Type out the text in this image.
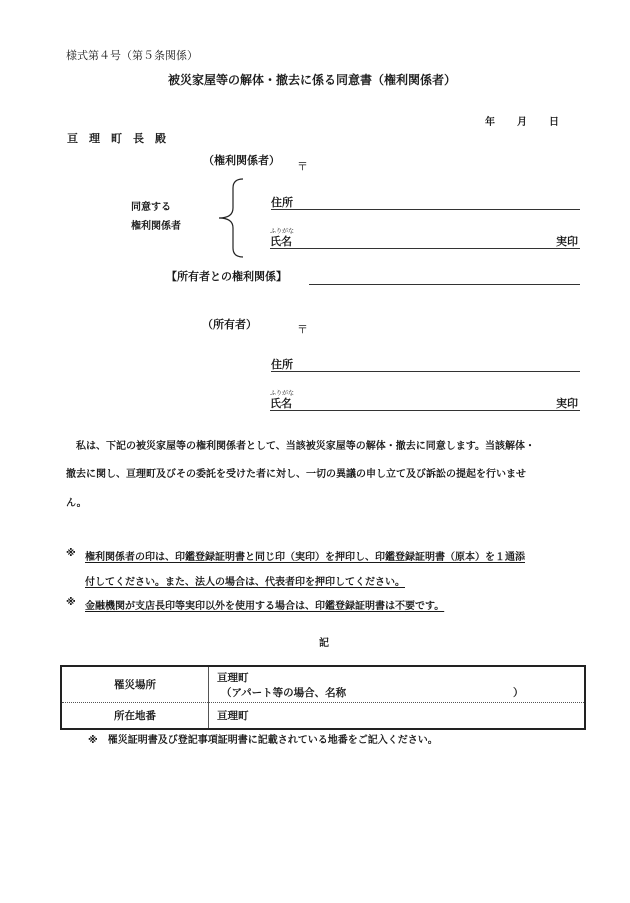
様式第４号（第５条関係）
被災家屋等の解体・撤去に係る同意書（権利関係者）
年 月 日
亘　理　町　長　殿
（権利関係者） 〒
同意する
権利関係者
住所
ふりがな
氏名	実印
【所有者との権利関係】
（所有者）	〒
住所
ふりがな
氏名	実印
私は、下記の被災家屋等の権利関係者として、当該被災家屋等の解体・撤去に同意します。当該解体・
撤去に関し、亘理町及びその委託を受けた者に対し、一切の異議の申し立て及び訴訟の提起を行いませ
ん。
※ 権利関係者の印は、印鑑登録証明書と同じ印（実印）を押印し、印鑑登録証明書（原本）を１通添
付してください。また、法人の場合は、代表者印を押印してください。
※ 金融機関が支店長印等実印以外を使用する場合は、印鑑登録証明書は不要です。
記
罹災場所	亘理町
（アパート等の場合、名称 ）

所在地番	亘理町
※　罹災証明書及び登記事項証明書に記載されている地番をご記入ください。
